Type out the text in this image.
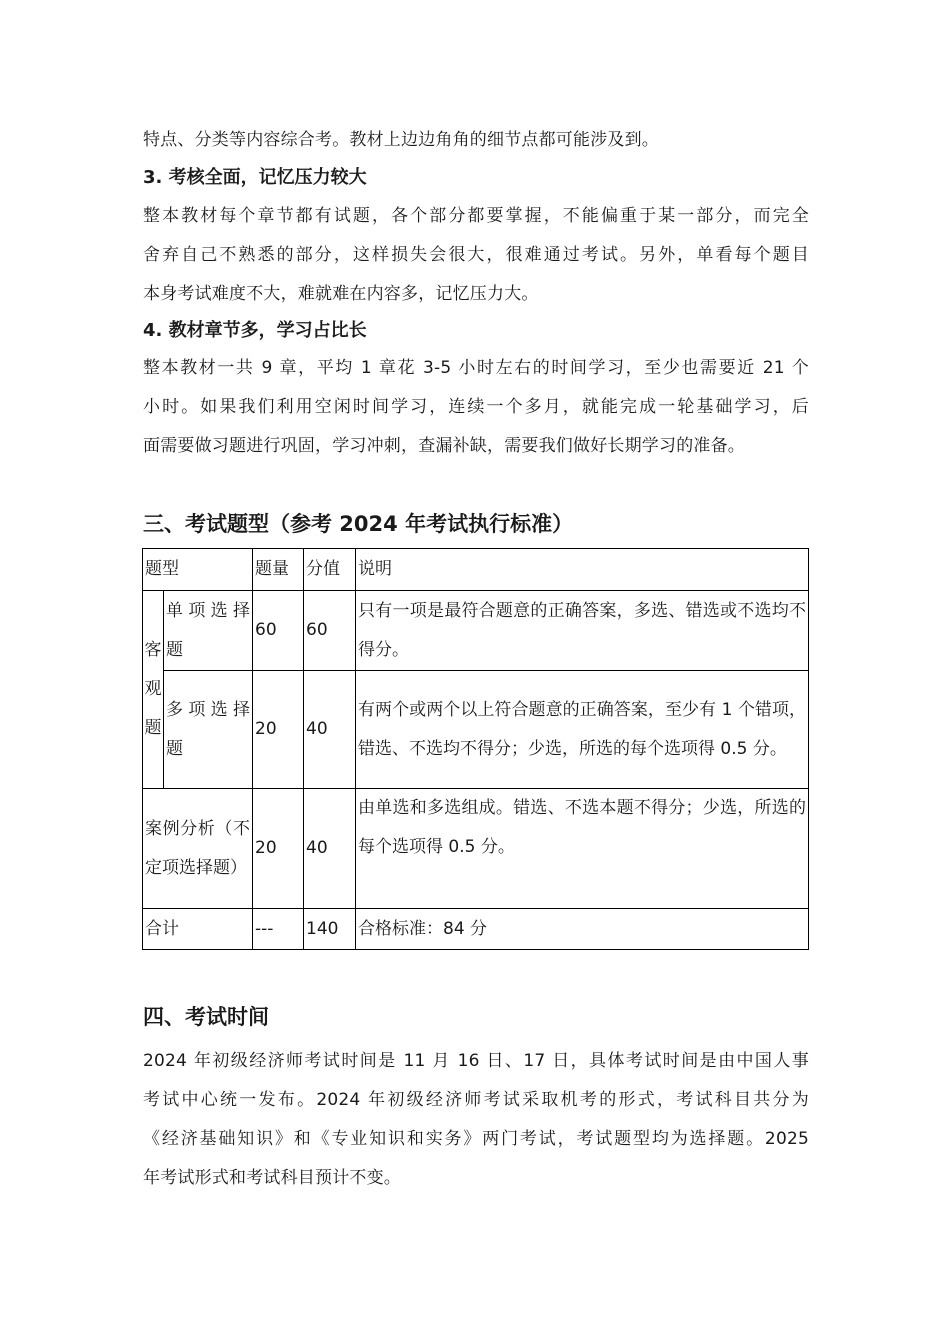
特点、分类等内容综合考。教材上边边角角的细节点都可能涉及到。

3. 考核全面，记忆压力较大

整本教材每个章节都有试题，各个部分都要掌握，不能偏重于某一部分，而完全
舍弃自己不熟悉的部分，这样损失会很大，很难通过考试。另外，单看每个题目
本身考试难度不大，难就难在内容多，记忆压力大。

4. 教材章节多，学习占比长

整本教材一共 9 章，平均 1 章花 3-5 小时左右的时间学习，至少也需要近 21 个
小时。如果我们利用空闲时间学习，连续一个多月，就能完成一轮基础学习，后
面需要做习题进行巩固，学习冲刺，查漏补缺，需要我们做好长期学习的准备。

三、考试题型（参考 2024 年考试执行标准）
题型		题量	分值	说明

客
观
题	单项选择题	60	60	只有一项是最符合题意的正确答案，多选、错选或不选均不得分。
	多项选择题	20	40	有两个或两个以上符合题意的正确答案，至少有 1 个错项，错选、不选均不得分；少选，所选的每个选项得 0.5 分。
案例分析（不定项选择题）		20	40	由单选和多选组成。错选、不选本题不得分；少选，所选的每个选项得 0.5 分。
合计		---	140	合格标准：84 分
四、考试时间

2024 年初级经济师考试时间是 11 月 16 日、17 日，具体考试时间是由中国人事
考试中心统一发布。2024 年初级经济师考试采取机考的形式，考试科目共分为
《经济基础知识》和《专业知识和实务》两门考试，考试题型均为选择题。2025
年考试形式和考试科目预计不变。
